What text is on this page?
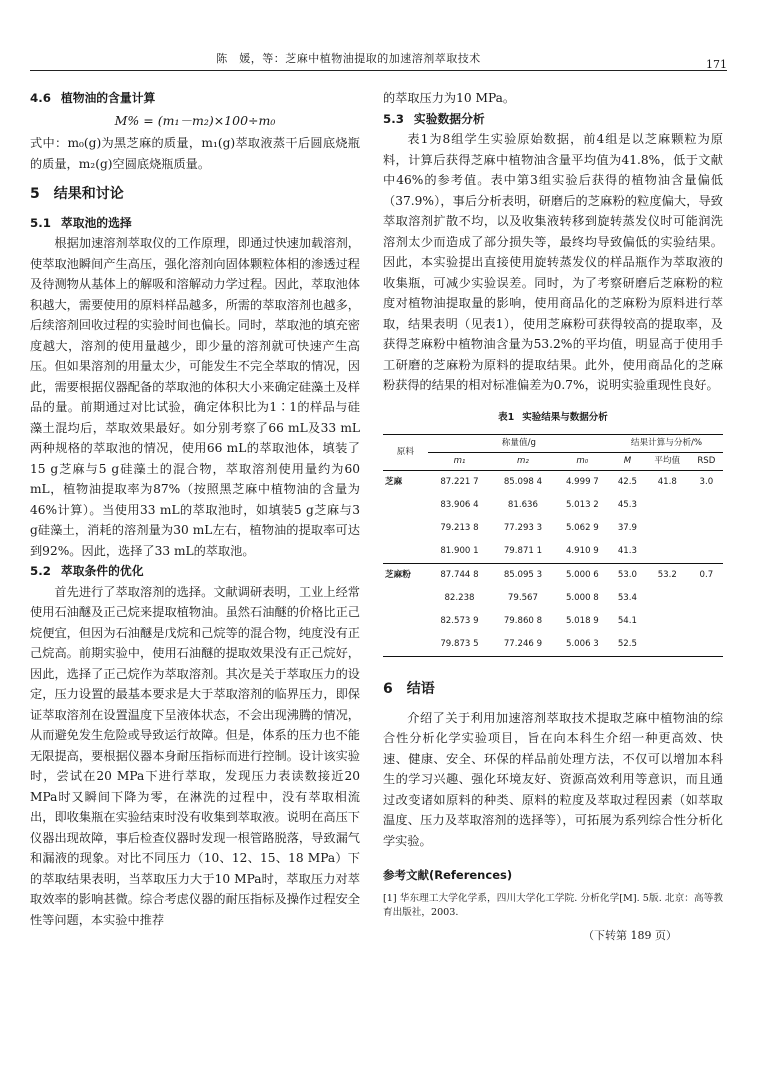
陈　媛，等：芝麻中植物油提取的加速溶剂萃取技术	171
4.6 植物油的含量计算
M% = (m₁－m₂)×100÷m₀

式中：m₀(g)为黑芝麻的质量，m₁(g)萃取液蒸干后圆底烧瓶的质量，m₂(g)空圆底烧瓶质量。

5 结果和讨论
5.1 萃取池的选择

根据加速溶剂萃取仪的工作原理，即通过快速加载溶剂，使萃取池瞬间产生高压，强化溶剂向固体颗粒体相的渗透过程及待测物从基体上的解吸和溶解动力学过程。因此，萃取池体积越大，需要使用的原料样品越多，所需的萃取溶剂也越多，后续溶剂回收过程的实验时间也偏长。同时，萃取池的填充密度越大，溶剂的使用量越少，即少量的溶剂就可快速产生高压。但如果溶剂的用量太少，可能发生不完全萃取的情况，因此，需要根据仪器配备的萃取池的体积大小来确定硅藻土及样品的量。前期通过对比试验，确定体积比为1∶1的样品与硅藻土混均后，萃取效果最好。如分别考察了66 mL及33 mL两种规格的萃取池的情况，使用66 mL的萃取池体，填装了15 g芝麻与5 g硅藻土的混合物，萃取溶剂使用量约为60 mL，植物油提取率为87%（按照黑芝麻中植物油的含量为46%计算）。当使用33 mL的萃取池时，如填装5 g芝麻与3 g硅藻土，消耗的溶剂量为30 mL左右，植物油的提取率可达到92%。因此，选择了33 mL的萃取池。

5.2 萃取条件的优化

首先进行了萃取溶剂的选择。文献调研表明，工业上经常使用石油醚及正己烷来提取植物油。虽然石油醚的价格比正己烷便宜，但因为石油醚是戊烷和己烷等的混合物，纯度没有正己烷高。前期实验中，使用石油醚的提取效果没有正己烷好，因此，选择了正己烷作为萃取溶剂。其次是关于萃取压力的设定，压力设置的最基本要求是大于萃取溶剂的临界压力，即保证萃取溶剂在设置温度下呈液体状态，不会出现沸腾的情况，从而避免发生危险或导致运行故障。但是，体系的压力也不能无限提高，要根据仪器本身耐压指标而进行控制。设计该实验时，尝试在20 MPa下进行萃取，发现压力表读数接近20 MPa时又瞬间下降为零，在淋洗的过程中，没有萃取相流出，即收集瓶在实验结束时没有收集到萃取液。说明在高压下仪器出现故障，事后检查仪器时发现一根管路脱落，导致漏气和漏液的现象。对比不同压力（10、12、15、18 MPa）下的萃取结果表明，当萃取压力大于10 MPa时，萃取压力对萃取效率的影响甚微。综合考虑仪器的耐压指标及操作过程安全性等问题，本实验中推荐

的萃取压力为10 MPa。

5.3 实验数据分析

表1为8组学生实验原始数据，前4组是以芝麻颗粒为原料，计算后获得芝麻中植物油含量平均值为41.8%，低于文献中46%的参考值。表中第3组实验后获得的植物油含量偏低（37.9%），事后分析表明，研磨后的芝麻粉的粒度偏大，导致萃取溶剂扩散不均，以及收集液转移到旋转蒸发仪时可能润洗溶剂太少而造成了部分损失等，最终均导致偏低的实验结果。因此，本实验提出直接使用旋转蒸发仪的样品瓶作为萃取液的收集瓶，可减少实验误差。同时，为了考察研磨后芝麻粉的粒度对植物油提取量的影响，使用商品化的芝麻粉为原料进行萃取，结果表明（见表1），使用芝麻粉可获得较高的提取率，及获得芝麻粉中植物油含量为53.2%的平均值，明显高于使用手工研磨的芝麻粉为原料的提取结果。此外，使用商品化的芝麻粉获得的结果的相对标准偏差为0.7%，说明实验重现性良好。

表1 实验结果与数据分析
原料	称量值/g			结果计算与分析/%		
	m₁	m₂	m₀	M	平均值	RSD
芝麻	87.221 7	85.098 4	4.999 7	42.5	41.8	3.0
	83.906 4	81.636	5.013 2	45.3		
	79.213 8	77.293 3	5.062 9	37.9		
	81.900 1	79.871 1	4.910 9	41.3		
芝麻粉	87.744 8	85.095 3	5.000 6	53.0	53.2	0.7
	82.238	79.567	5.000 8	53.4		
	82.573 9	79.860 8	5.018 9	54.1		
	79.873 5	77.246 9	5.006 3	52.5		
6 结语

介绍了关于利用加速溶剂萃取技术提取芝麻中植物油的综合性分析化学实验项目，旨在向本科生介绍一种更高效、快速、健康、安全、环保的样品前处理方法，不仅可以增加本科生的学习兴趣、强化环境友好、资源高效利用等意识，而且通过改变诸如原料的种类、原料的粒度及萃取过程因素（如萃取温度、压力及萃取溶剂的选择等），可拓展为系列综合性分析化学实验。

参考文献(References)

[1] 华东理工大学化学系，四川大学化工学院. 分析化学[M]. 5版. 北京：高等教育出版社，2003.

（下转第 189 页）
